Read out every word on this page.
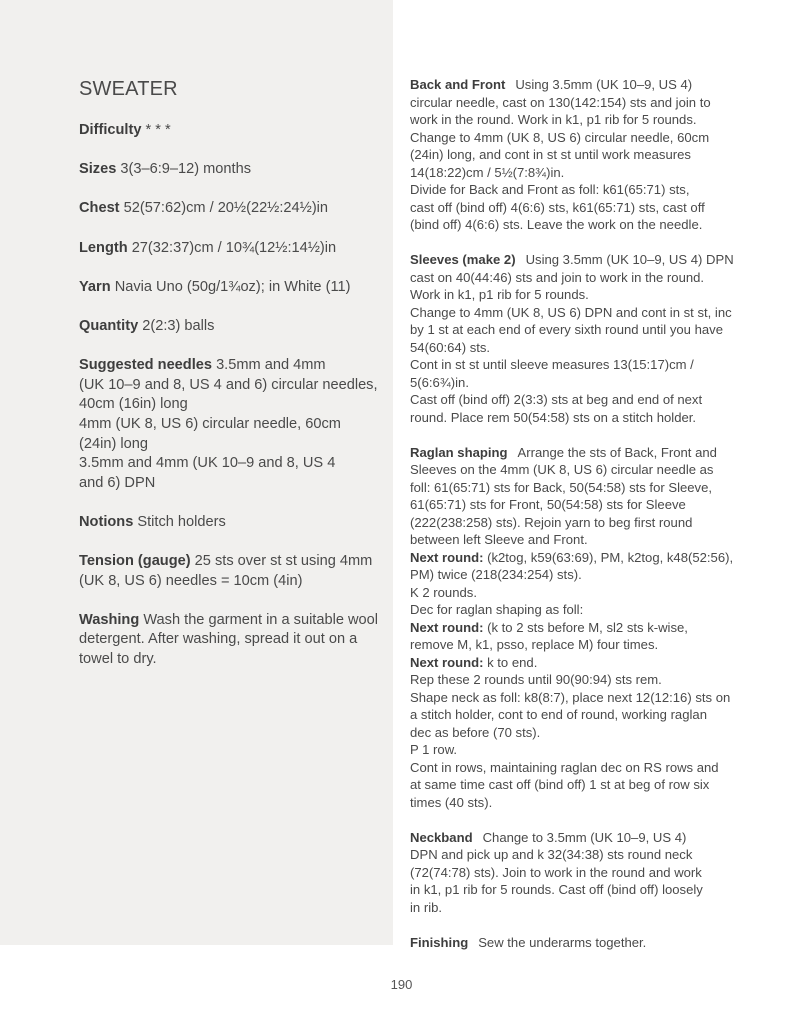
SWEATER
Difficulty * * *
Sizes 3(3–6:9–12) months
Chest 52(57:62)cm / 20½(22½:24½)in
Length 27(32:37)cm / 10¾(12½:14½)in
Yarn Navia Uno (50g/1¾oz); in White (11)
Quantity 2(2:3) balls
Suggested needles 3.5mm and 4mm
(UK 10–9 and 8, US 4 and 6) circular needles,
40cm (16in) long
4mm (UK 8, US 6) circular needle, 60cm
(24in) long
3.5mm and 4mm (UK 10–9 and 8, US 4
and 6) DPN
Notions Stitch holders
Tension (gauge) 25 sts over st st using 4mm
(UK 8, US 6) needles = 10cm (4in)
Washing Wash the garment in a suitable wool
detergent. After washing, spread it out on a
towel to dry.
Back and Front Using 3.5mm (UK 10–9, US 4)
circular needle, cast on 130(142:154) sts and join to
work in the round. Work in k1, p1 rib for 5 rounds.
Change to 4mm (UK 8, US 6) circular needle, 60cm
(24in) long, and cont in st st until work measures
14(18:22)cm / 5½(7:8¾)in.
Divide for Back and Front as foll: k61(65:71) sts,
cast off (bind off) 4(6:6) sts, k61(65:71) sts, cast off
(bind off) 4(6:6) sts. Leave the work on the needle.
Sleeves (make 2) Using 3.5mm (UK 10–9, US 4) DPN
cast on 40(44:46) sts and join to work in the round.
Work in k1, p1 rib for 5 rounds.
Change to 4mm (UK 8, US 6) DPN and cont in st st, inc
by 1 st at each end of every sixth round until you have
54(60:64) sts.
Cont in st st until sleeve measures 13(15:17)cm /
5(6:6¾)in.
Cast off (bind off) 2(3:3) sts at beg and end of next
round. Place rem 50(54:58) sts on a stitch holder.
Raglan shaping Arrange the sts of Back, Front and
Sleeves on the 4mm (UK 8, US 6) circular needle as
foll: 61(65:71) sts for Back, 50(54:58) sts for Sleeve,
61(65:71) sts for Front, 50(54:58) sts for Sleeve
(222(238:258) sts). Rejoin yarn to beg first round
between left Sleeve and Front.
Next round: (k2tog, k59(63:69), PM, k2tog, k48(52:56),
PM) twice (218(234:254) sts).
K 2 rounds.
Dec for raglan shaping as foll:
Next round: (k to 2 sts before M, sl2 sts k-wise,
remove M, k1, psso, replace M) four times.
Next round: k to end.
Rep these 2 rounds until 90(90:94) sts rem.
Shape neck as foll: k8(8:7), place next 12(12:16) sts on
a stitch holder, cont to end of round, working raglan
dec as before (70 sts).
P 1 row.
Cont in rows, maintaining raglan dec on RS rows and
at same time cast off (bind off) 1 st at beg of row six
times (40 sts).
Neckband Change to 3.5mm (UK 10–9, US 4)
DPN and pick up and k 32(34:38) sts round neck
(72(74:78) sts). Join to work in the round and work
in k1, p1 rib for 5 rounds. Cast off (bind off) loosely
in rib.
Finishing Sew the underarms together.
190
